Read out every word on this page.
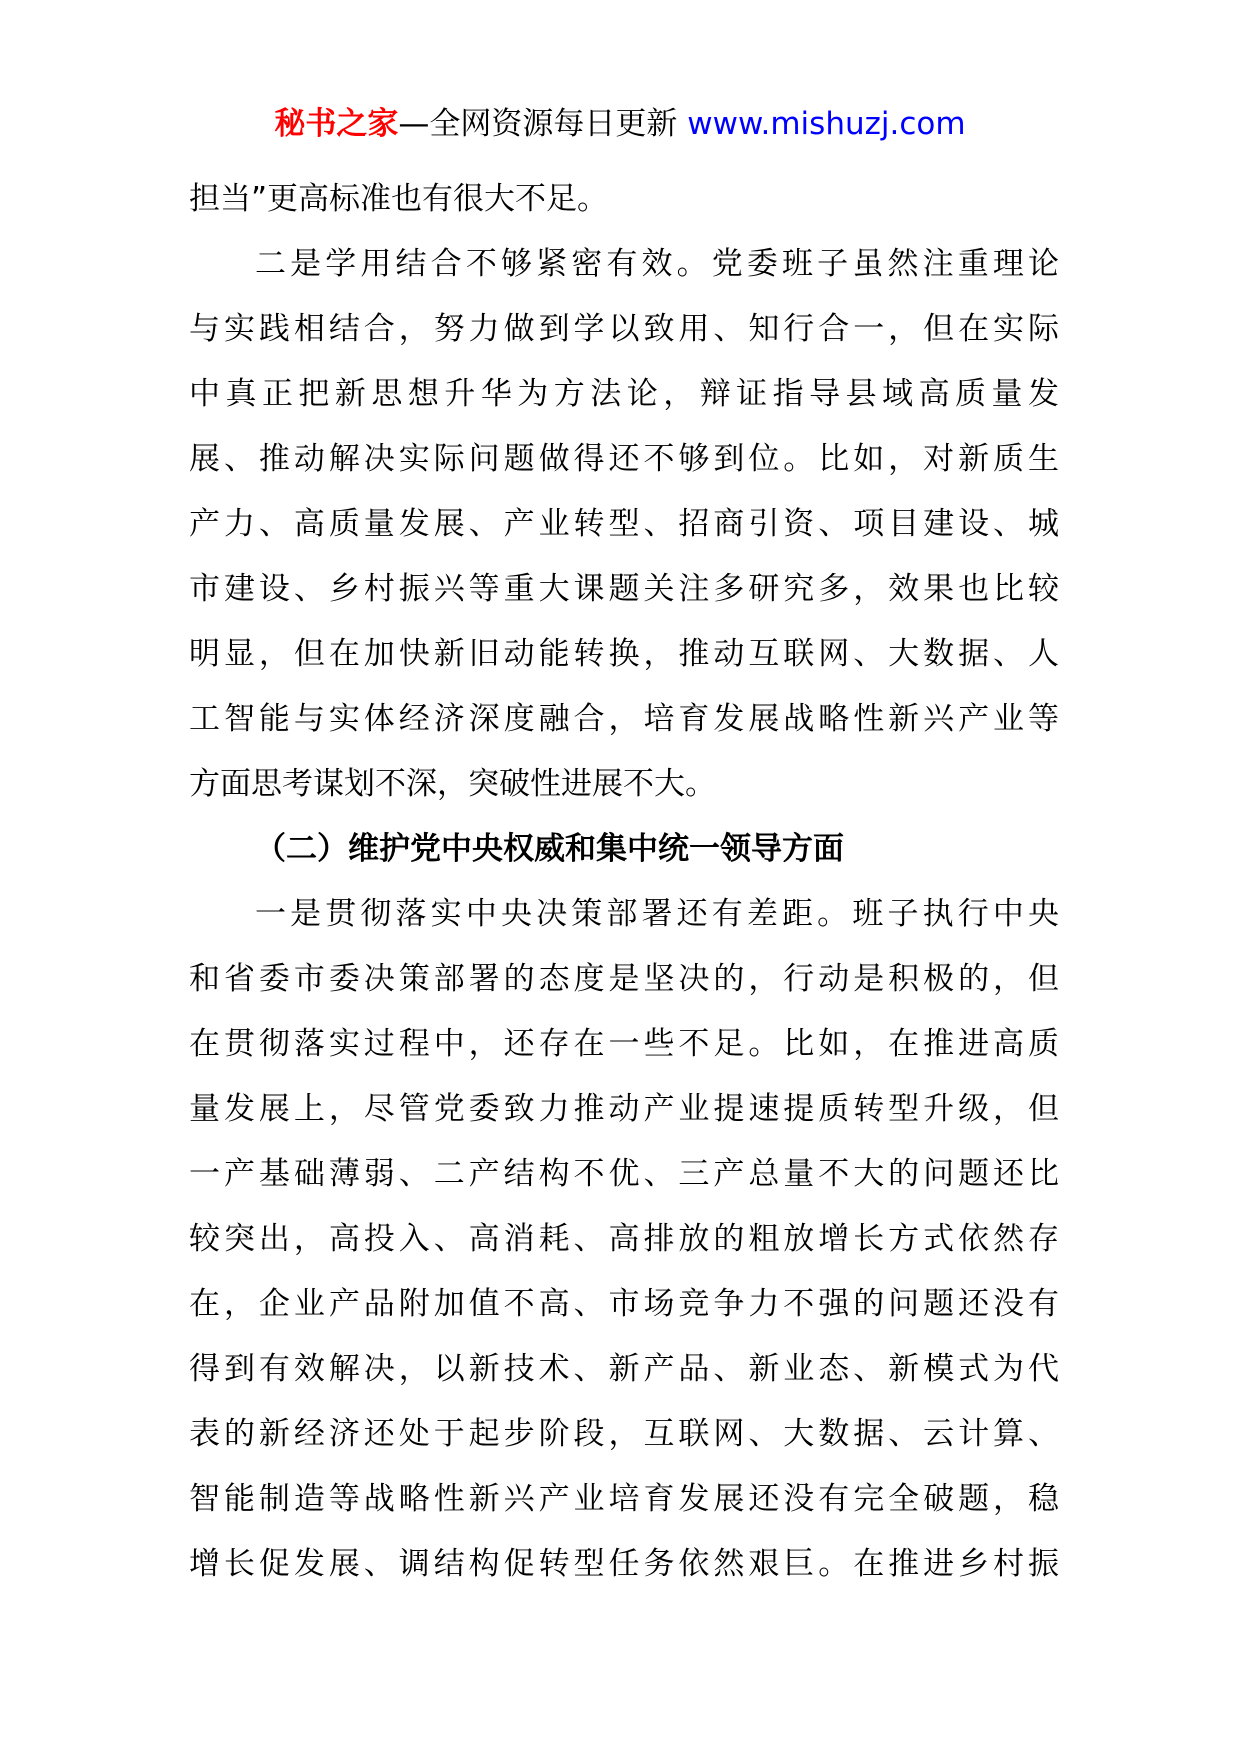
秘书之家—全网资源每日更新 www.mishuzj.com
担当”更高标准也有很大不足。
二是学用结合不够紧密有效。党委班子虽然注重理论
与实践相结合，努力做到学以致用、知行合一，但在实际
中真正把新思想升华为方法论，辩证指导县域高质量发
展、推动解决实际问题做得还不够到位。比如，对新质生
产力、高质量发展、产业转型、招商引资、项目建设、城
市建设、乡村振兴等重大课题关注多研究多，效果也比较
明显，但在加快新旧动能转换，推动互联网、大数据、人
工智能与实体经济深度融合，培育发展战略性新兴产业等
方面思考谋划不深，突破性进展不大。
（二）维护党中央权威和集中统一领导方面
一是贯彻落实中央决策部署还有差距。班子执行中央
和省委市委决策部署的态度是坚决的，行动是积极的，但
在贯彻落实过程中，还存在一些不足。比如，在推进高质
量发展上，尽管党委致力推动产业提速提质转型升级，但
一产基础薄弱、二产结构不优、三产总量不大的问题还比
较突出，高投入、高消耗、高排放的粗放增长方式依然存
在，企业产品附加值不高、市场竞争力不强的问题还没有
得到有效解决，以新技术、新产品、新业态、新模式为代
表的新经济还处于起步阶段，互联网、大数据、云计算、
智能制造等战略性新兴产业培育发展还没有完全破题，稳
增长促发展、调结构促转型任务依然艰巨。在推进乡村振
